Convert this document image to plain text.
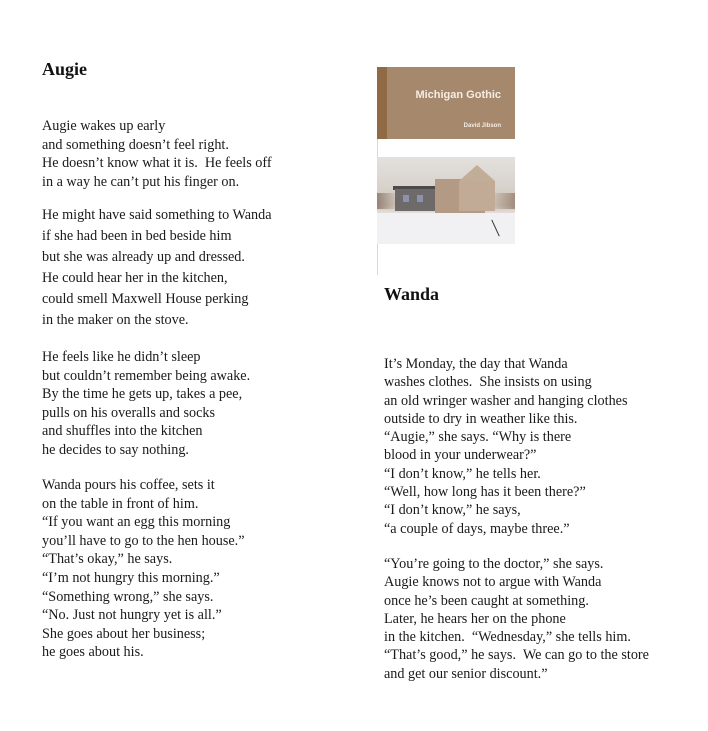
Augie
Augie wakes up early
and something doesn’t feel right.
He doesn’t know what it is.  He feels off
in a way he can’t put his finger on.
He might have said something to Wanda
if she had been in bed beside him
but she was already up and dressed.
He could hear her in the kitchen,
could smell Maxwell House perking
in the maker on the stove.
He feels like he didn’t sleep
but couldn’t remember being awake.
By the time he gets up, takes a pee,
pulls on his overalls and socks
and shuffles into the kitchen
he decides to say nothing.
Wanda pours his coffee, sets it
on the table in front of him.
“If you want an egg this morning
you’ll have to go to the hen house.”
“That’s okay,” he says.
“I’m not hungry this morning.”
“Something wrong,” she says.
“No. Just not hungry yet is all.”
She goes about her business;
he goes about his.
Michigan Gothic
David Jibson
Wanda
It’s Monday, the day that Wanda
washes clothes.  She insists on using
an old wringer washer and hanging clothes
outside to dry in weather like this.
“Augie,” she says. “Why is there
blood in your underwear?”
“I don’t know,” he tells her.
“Well, how long has it been there?”
“I don’t know,” he says,
“a couple of days, maybe three.”
“You’re going to the doctor,” she says.
Augie knows not to argue with Wanda
once he’s been caught at something.
Later, he hears her on the phone
in the kitchen.  “Wednesday,” she tells him.
“That’s good,” he says.  We can go to the store
and get our senior discount.”
